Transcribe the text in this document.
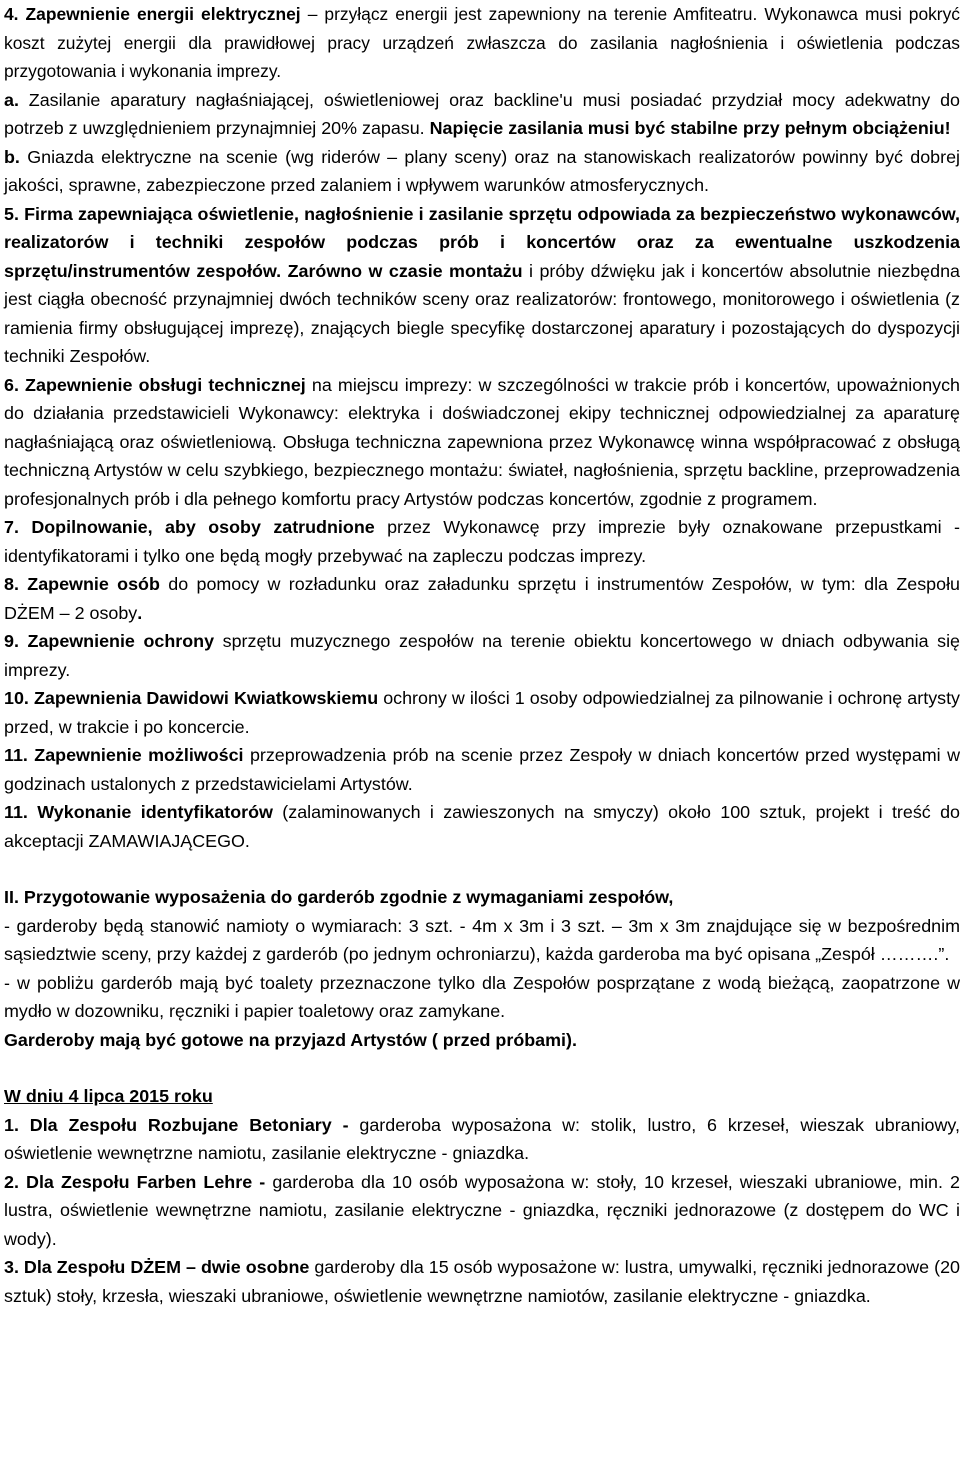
4. Zapewnienie energii elektrycznej – przyłącz energii jest zapewniony na terenie Amfiteatru. Wykonawca musi pokryć koszt zużytej energii dla prawidłowej pracy urządzeń zwłaszcza do zasilania nagłośnienia i oświetlenia podczas przygotowania i wykonania imprezy.

a. Zasilanie aparatury nagłaśniającej, oświetleniowej oraz backline'u musi posiadać przydział mocy adekwatny do potrzeb z uwzględnieniem przynajmniej 20% zapasu. Napięcie zasilania musi być stabilne przy pełnym obciążeniu!

b. Gniazda elektryczne na scenie (wg riderów – plany sceny) oraz na stanowiskach realizatorów powinny być dobrej jakości, sprawne, zabezpieczone przed zalaniem i wpływem warunków atmosferycznych.

5. Firma zapewniająca oświetlenie, nagłośnienie i zasilanie sprzętu odpowiada za bezpieczeństwo wykonawców, realizatorów i techniki zespołów podczas prób i koncertów oraz za ewentualne uszkodzenia sprzętu/instrumentów zespołów. Zarówno w czasie montażu i próby dźwięku jak i koncertów absolutnie niezbędna jest ciągła obecność przynajmniej dwóch techników sceny oraz realizatorów: frontowego, monitorowego i oświetlenia (z ramienia firmy obsługującej imprezę), znających biegle specyfikę dostarczonej aparatury i pozostających do dyspozycji techniki Zespołów.

6. Zapewnienie obsługi technicznej na miejscu imprezy: w szczególności w trakcie prób i koncertów, upoważnionych do działania przedstawicieli Wykonawcy: elektryka i doświadczonej ekipy technicznej odpowiedzialnej za aparaturę nagłaśniającą oraz oświetleniową. Obsługa techniczna zapewniona przez Wykonawcę winna współpracować z obsługą techniczną Artystów w celu szybkiego, bezpiecznego montażu: świateł, nagłośnienia, sprzętu backline, przeprowadzenia profesjonalnych prób i dla pełnego komfortu pracy Artystów podczas koncertów, zgodnie z programem.

7. Dopilnowanie, aby osoby zatrudnione przez Wykonawcę przy imprezie były oznakowane przepustkami - identyfikatorami i tylko one będą mogły przebywać na zapleczu podczas imprezy.

8. Zapewnie osób do pomocy w rozładunku oraz załadunku sprzętu i instrumentów Zespołów, w tym: dla Zespołu DŻEM – 2 osoby.

9. Zapewnienie ochrony sprzętu muzycznego zespołów na terenie obiektu koncertowego w dniach odbywania się imprezy.

10. Zapewnienia Dawidowi Kwiatkowskiemu ochrony w ilości 1 osoby odpowiedzialnej za pilnowanie i ochronę artysty przed, w trakcie i po koncercie.

11. Zapewnienie możliwości przeprowadzenia prób na scenie przez Zespoły w dniach koncertów przed występami w godzinach ustalonych z przedstawicielami Artystów.

11. Wykonanie identyfikatorów (zalaminowanych i zawieszonych na smyczy) około 100 sztuk, projekt i treść do akceptacji ZAMAWIAJĄCEGO.

II. Przygotowanie wyposażenia do garderób zgodnie z wymaganiami zespołów,

- garderoby będą stanowić namioty o wymiarach: 3 szt. - 4m x 3m i 3 szt. – 3m x 3m znajdujące się w bezpośrednim sąsiedztwie sceny, przy każdej z garderób (po jednym ochroniarzu), każda garderoba ma być opisana „Zespół ……….”.

- w pobliżu garderób mają być toalety przeznaczone tylko dla Zespołów posprzątane z wodą bieżącą, zaopatrzone w mydło w dozowniku, ręczniki i papier toaletowy oraz zamykane.

Garderoby mają być gotowe na przyjazd Artystów ( przed próbami).

W dniu 4 lipca 2015 roku

1. Dla Zespołu Rozbujane Betoniary - garderoba wyposażona w: stolik, lustro, 6 krzeseł, wieszak ubraniowy, oświetlenie wewnętrzne namiotu, zasilanie elektryczne - gniazdka.

2. Dla Zespołu Farben Lehre - garderoba dla 10 osób wyposażona w: stoły, 10 krzeseł, wieszaki ubraniowe, min. 2 lustra, oświetlenie wewnętrzne namiotu, zasilanie elektryczne - gniazdka, ręczniki jednorazowe (z dostępem do WC i wody).

3. Dla Zespołu DŻEM – dwie osobne garderoby dla 15 osób wyposażone w: lustra, umywalki, ręczniki jednorazowe (20 sztuk) stoły, krzesła, wieszaki ubraniowe, oświetlenie wewnętrzne namiotów, zasilanie elektryczne - gniazdka.
